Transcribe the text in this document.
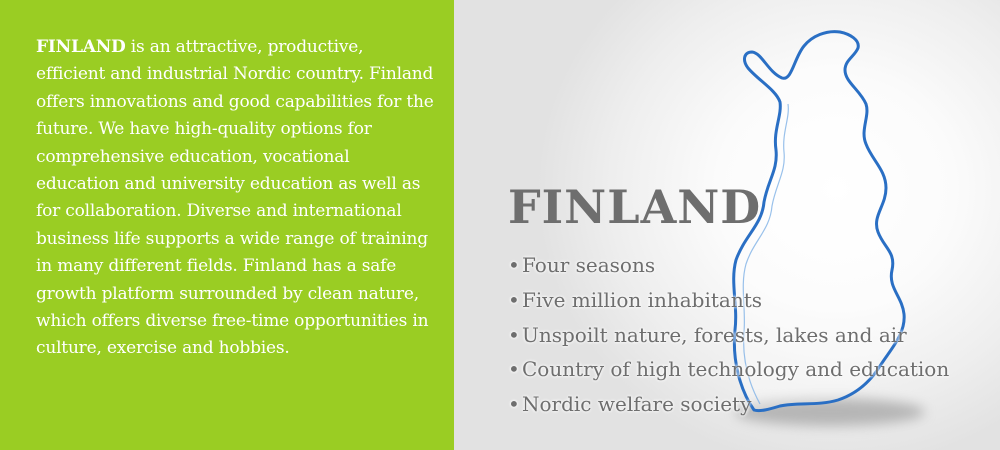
FINLAND is an attractive, productive, efficient and industrial Nordic country. Finland offers innovations and good capabilities for the future. We have high-quality options for comprehensive education, vocational education and university education as well as for collaboration. Diverse and international business life supports a wide range of training in many different fields. Finland has a safe growth platform surrounded by clean nature, which offers diverse free-time opportunities in culture, exercise and hobbies.

FINLAND
• Four seasons
• Five million inhabitants
• Unspoilt nature, forests, lakes and air
• Country of high technology and education
• Nordic welfare society
